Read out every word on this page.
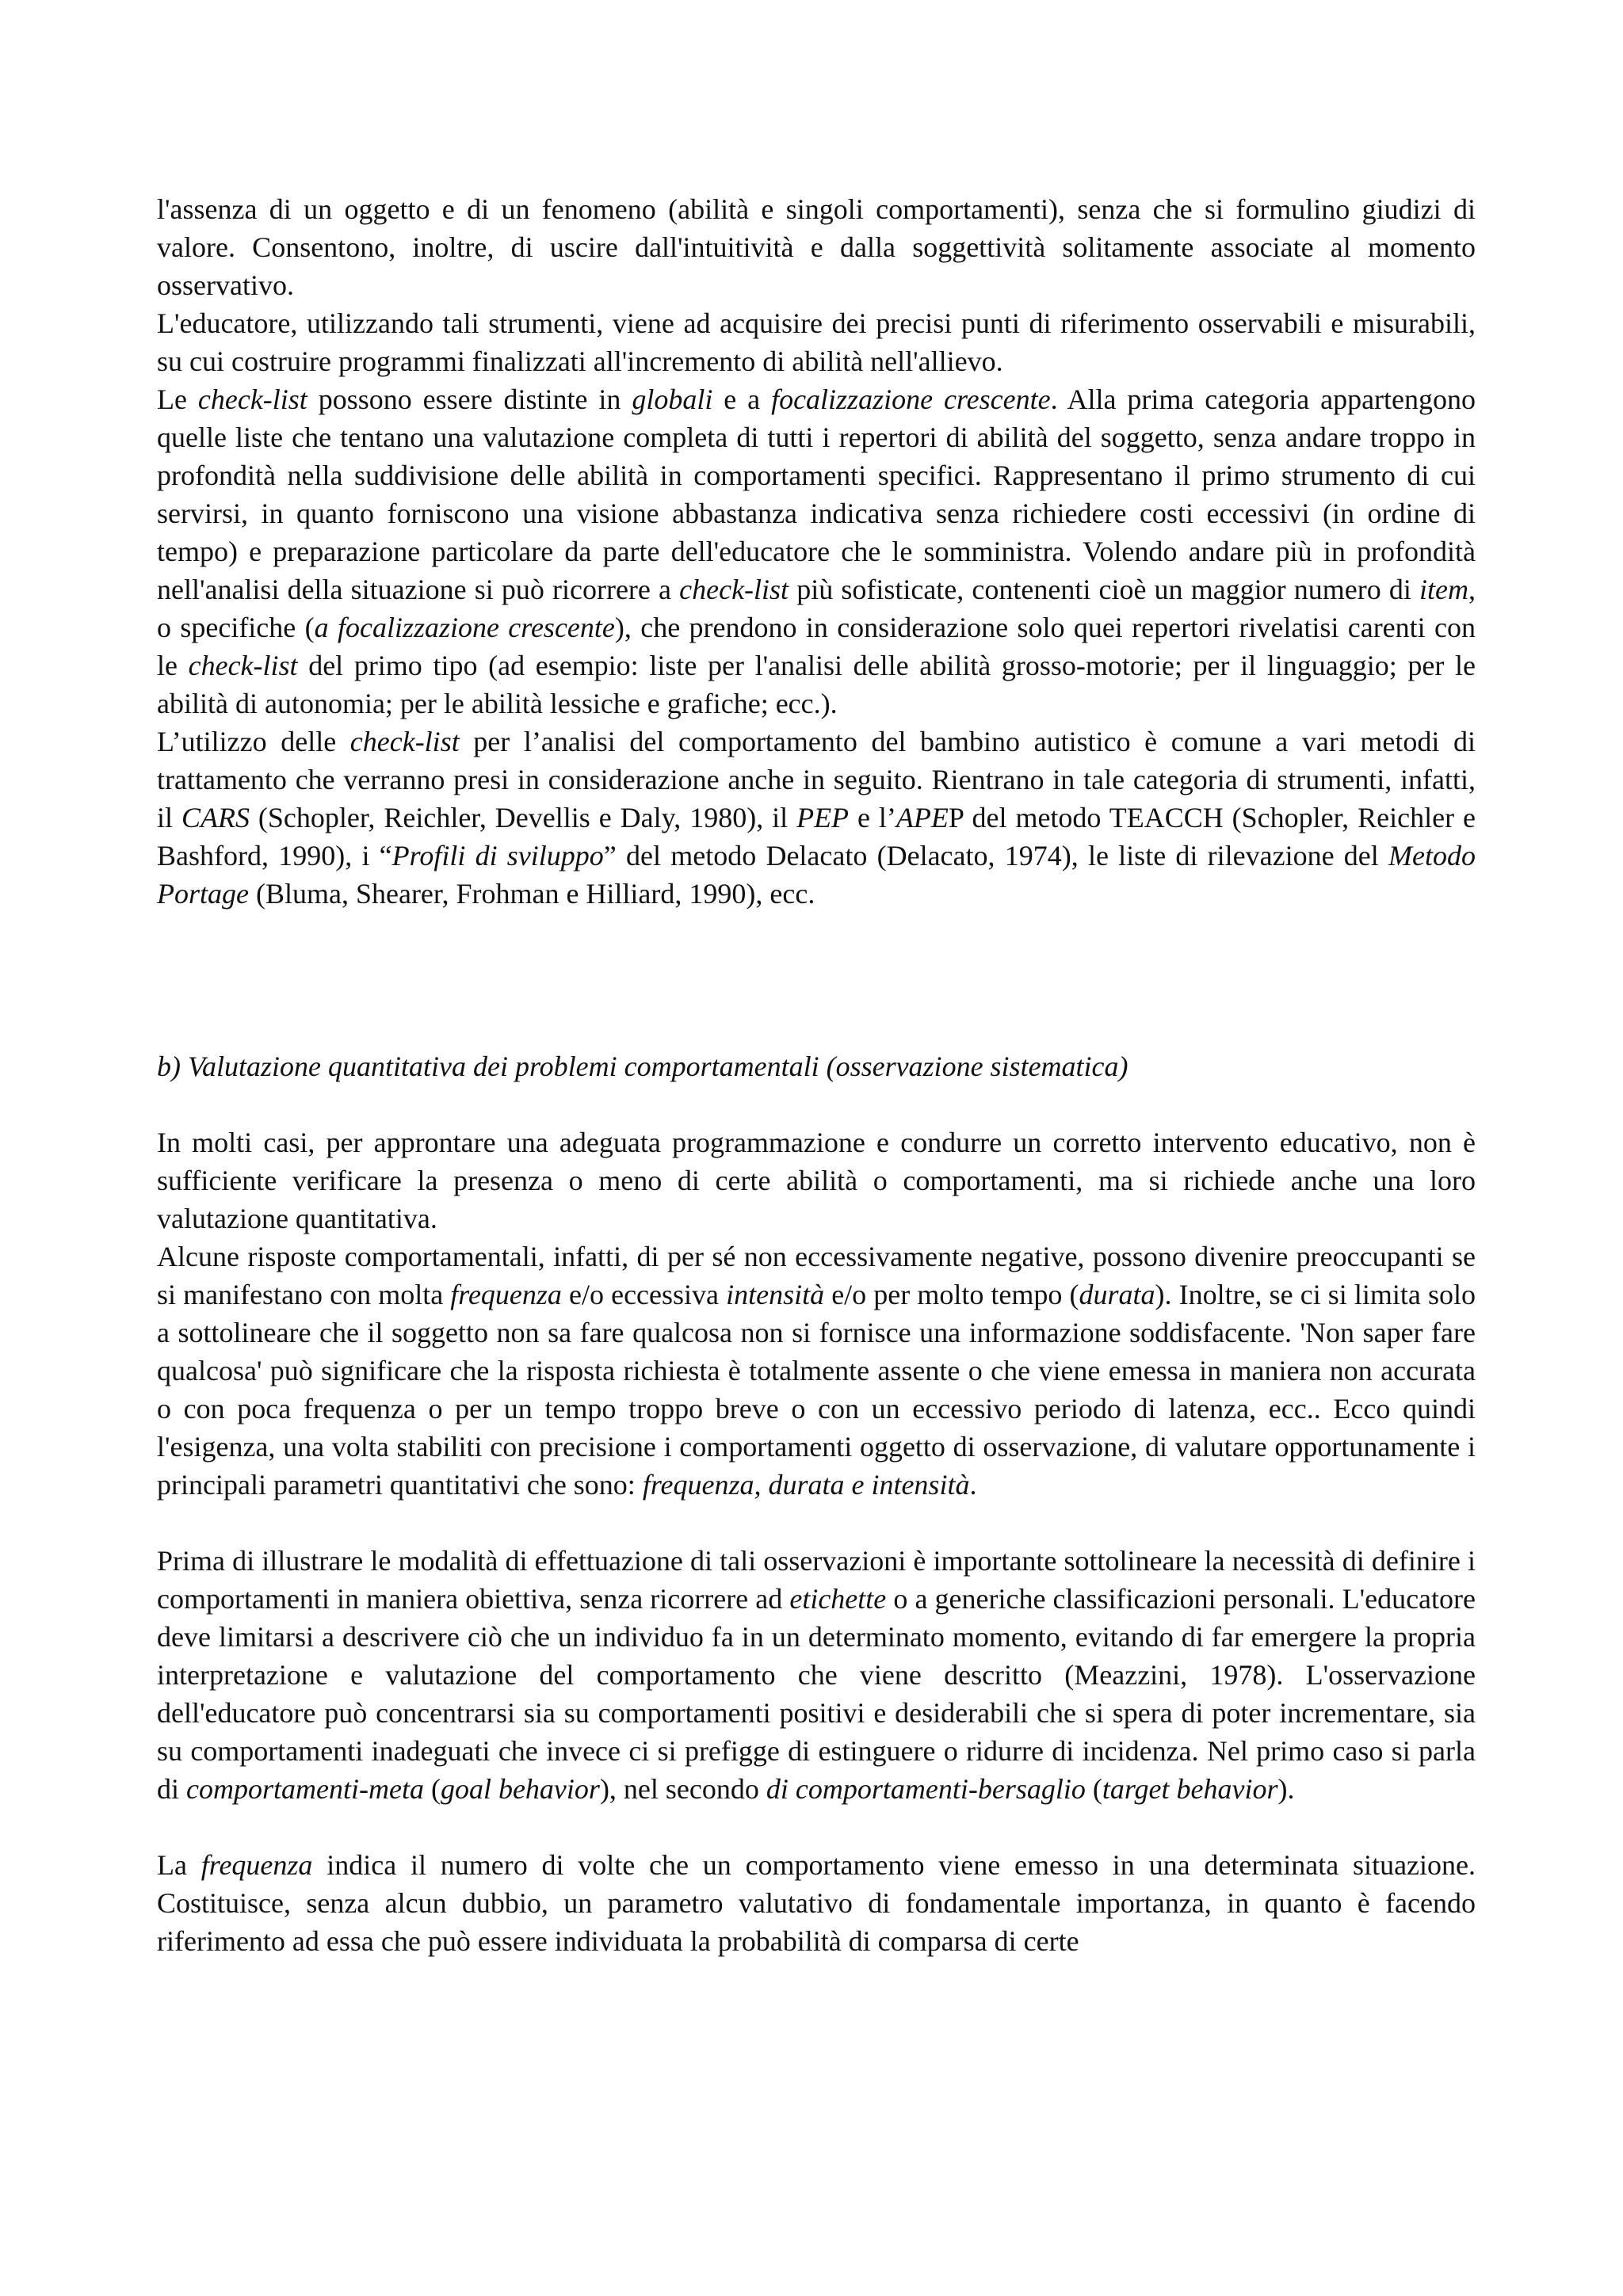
l'assenza di un oggetto e di un fenomeno (abilità e singoli comportamenti), senza che si formulino giudizi di valore. Consentono, inoltre, di uscire dall'intuitività e dalla soggettività solitamente associate al momento osservativo.

L'educatore, utilizzando tali strumenti, viene ad acquisire dei precisi punti di riferimento osservabili e misurabili, su cui costruire programmi finalizzati all'incremento di abilità nell'allievo.

Le check-list possono essere distinte in globali e a focalizzazione crescente. Alla prima categoria appartengono quelle liste che tentano una valutazione completa di tutti i repertori di abilità del soggetto, senza andare troppo in profondità nella suddivisione delle abilità in comportamenti specifici. Rappresentano il primo strumento di cui servirsi, in quanto forniscono una visione abbastanza indicativa senza richiedere costi eccessivi (in ordine di tempo) e preparazione particolare da parte dell'educatore che le somministra. Volendo andare più in profondità nell'analisi della situazione si può ricorrere a check-list più sofisticate, contenenti cioè un maggior numero di item, o specifiche (a focalizzazione crescente), che prendono in considerazione solo quei repertori rivelatisi carenti con le check-list del primo tipo (ad esempio: liste per l'analisi delle abilità grosso-motorie; per il linguaggio; per le abilità di autonomia; per le abilità lessiche e grafiche; ecc.).

L’utilizzo delle check-list per l’analisi del comportamento del bambino autistico è comune a vari metodi di trattamento che verranno presi in considerazione anche in seguito. Rientrano in tale categoria di strumenti, infatti, il CARS (Schopler, Reichler, Devellis e Daly, 1980), il PEP e l’APEP del metodo TEACCH (Schopler, Reichler e Bashford, 1990), i “Profili di sviluppo” del metodo Delacato (Delacato, 1974), le liste di rilevazione del Metodo Portage (Bluma, Shearer, Frohman e Hilliard, 1990), ecc.

b) Valutazione quantitativa dei problemi comportamentali (osservazione sistematica)

In molti casi, per approntare una adeguata programmazione e condurre un corretto intervento educativo, non è sufficiente verificare la presenza o meno di certe abilità o comportamenti, ma si richiede anche una loro valutazione quantitativa.

Alcune risposte comportamentali, infatti, di per sé non eccessivamente negative, possono divenire preoccupanti se si manifestano con molta frequenza e/o eccessiva intensità e/o per molto tempo (durata). Inoltre, se ci si limita solo a sottolineare che il soggetto non sa fare qualcosa non si fornisce una informazione soddisfacente. 'Non saper fare qualcosa' può significare che la risposta richiesta è totalmente assente o che viene emessa in maniera non accurata o con poca frequenza o per un tempo troppo breve o con un eccessivo periodo di latenza, ecc.. Ecco quindi l'esigenza, una volta stabiliti con precisione i comportamenti oggetto di osservazione, di valutare opportunamente i principali parametri quantitativi che sono: frequenza, durata e intensità.

Prima di illustrare le modalità di effettuazione di tali osservazioni è importante sottolineare la necessità di definire i comportamenti in maniera obiettiva, senza ricorrere ad etichette o a generiche classificazioni personali. L'educatore deve limitarsi a descrivere ciò che un individuo fa in un determinato momento, evitando di far emergere la propria interpretazione e valutazione del comportamento che viene descritto (Meazzini, 1978). L'osservazione dell'educatore può concentrarsi sia su comportamenti positivi e desiderabili che si spera di poter incrementare, sia su comportamenti inadeguati che invece ci si prefigge di estinguere o ridurre di incidenza. Nel primo caso si parla di comportamenti-meta (goal behavior), nel secondo di comportamenti-bersaglio (target behavior).

La frequenza indica il numero di volte che un comportamento viene emesso in una determinata situazione. Costituisce, senza alcun dubbio, un parametro valutativo di fondamentale importanza, in quanto è facendo riferimento ad essa che può essere individuata la probabilità di comparsa di certe
